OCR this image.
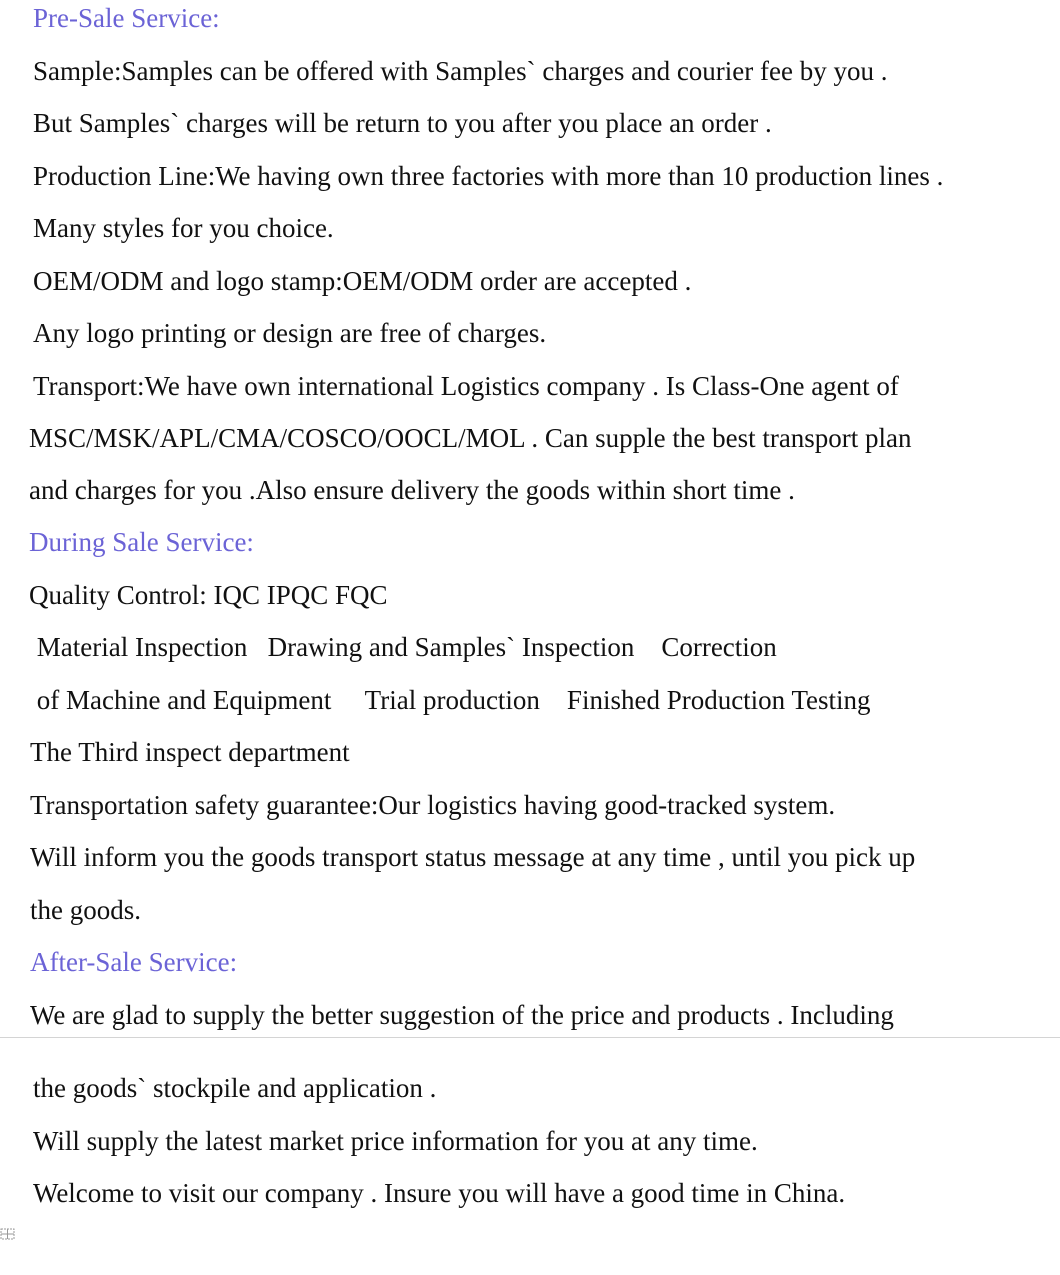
Pre-Sale Service:
Sample:Samples can be offered with Samples` charges and courier fee by you .
But Samples` charges will be return to you after you place an order .
Production Line:We having own three factories with more than 10 production lines .
Many styles for you choice.
OEM/ODM and logo stamp:OEM/ODM order are accepted .
Any logo printing or design are free of charges.
Transport:We have own international Logistics company . Is Class-One agent of
MSC/MSK/APL/CMA/COSCO/OOCL/MOL . Can supple the best transport plan
and charges for you .Also ensure delivery the goods within short time .
During Sale Service:
Quality Control: IQC IPQC FQC
Material Inspection   Drawing and Samples` Inspection    Correction
of Machine and Equipment     Trial production    Finished Production Testing
The Third inspect department
Transportation safety guarantee:Our logistics having good-tracked system.
Will inform you the goods transport status message at any time , until you pick up
the goods.
After-Sale Service:
We are glad to supply the better suggestion of the price and products . Including
the goods` stockpile and application .
Will supply the latest market price information for you at any time.
Welcome to visit our company . Insure you will have a good time in China.
